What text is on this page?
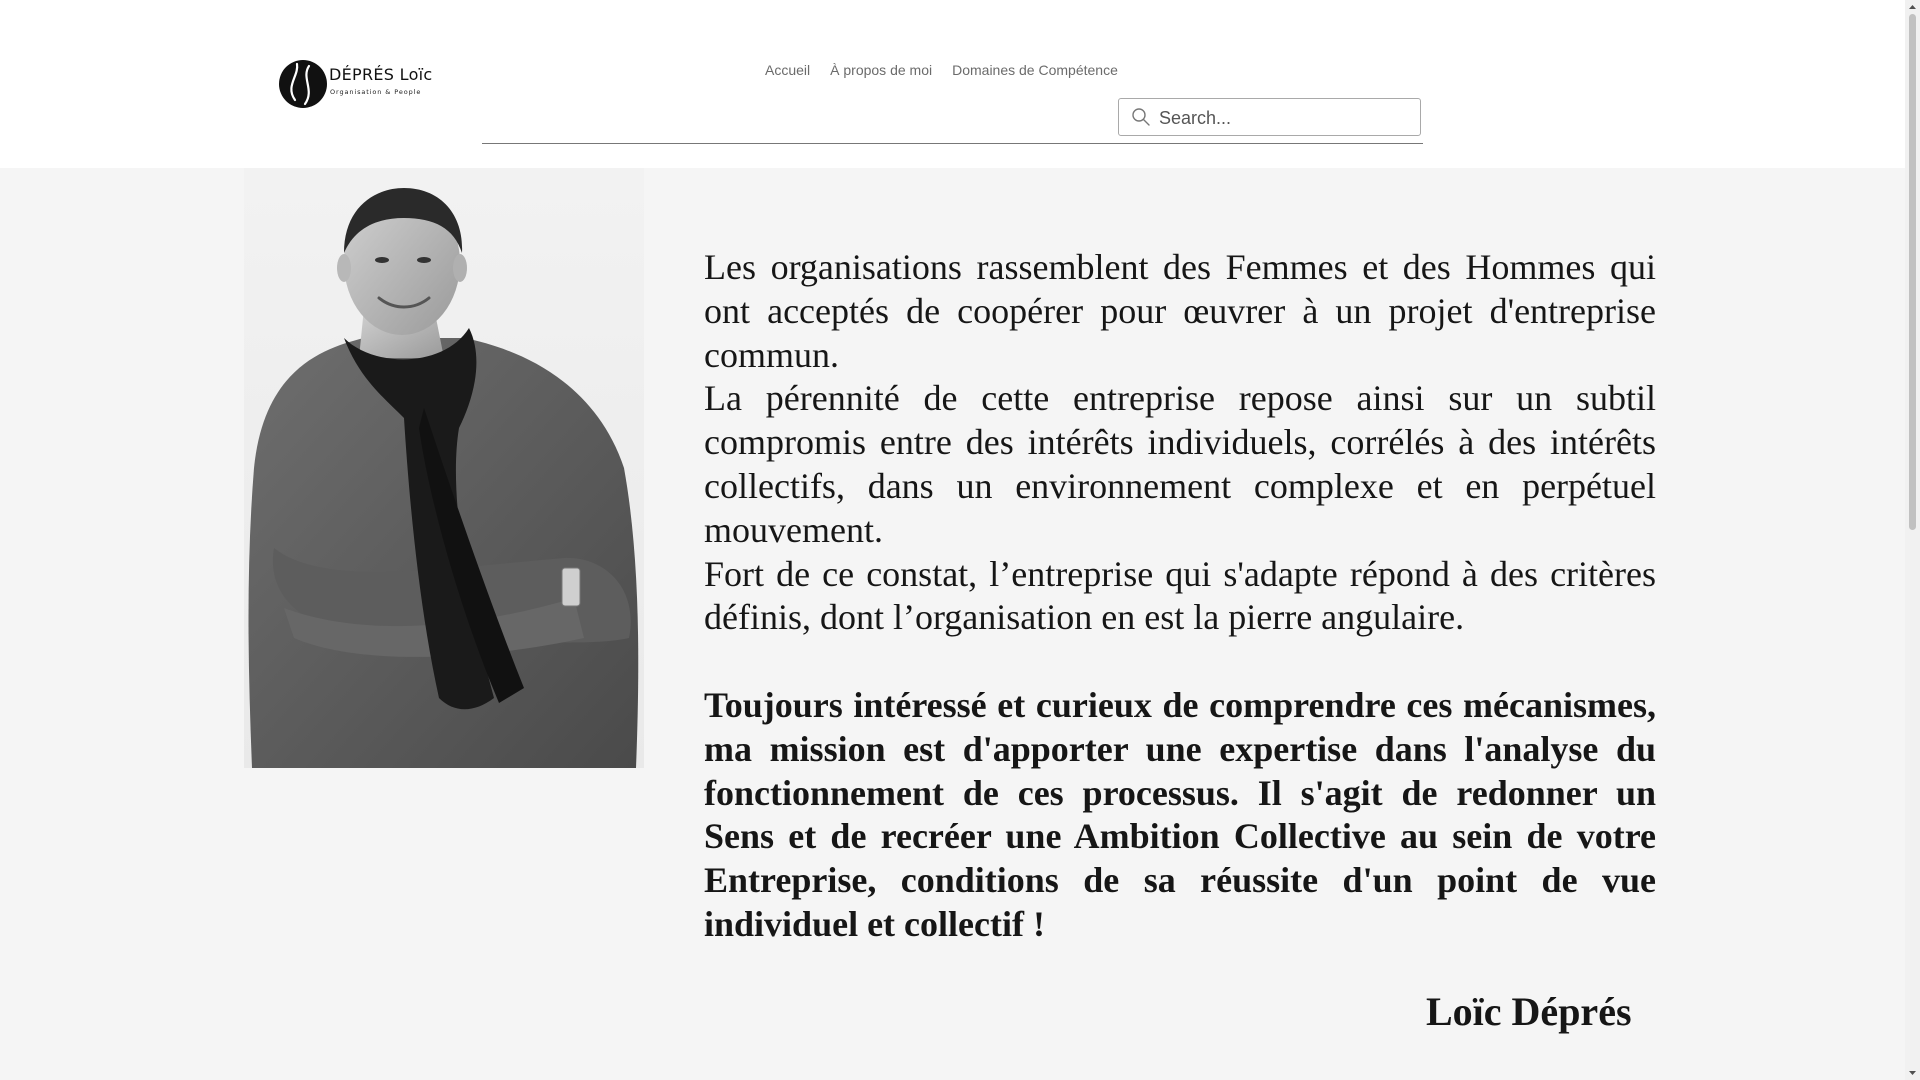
DÉPRÉS Loïc
Organisation & People
Accueil À propos de moi Domaines de Compétence
Search...

Les organisations rassemblent des Femmes et des Hommes qui ont acceptés de coopérer pour œuvrer à un projet d'entreprise commun.

La pérennité de cette entreprise repose ainsi sur un subtil compromis entre des intérêts individuels, corrélés à des intérêts collectifs, dans un environnement complexe et en perpétuel mouvement.

Fort de ce constat, l’entreprise qui s'adapte répond à des critères définis, dont l’organisation en est la pierre angulaire.

Toujours intéressé et curieux de comprendre ces mécanismes, ma mission est d'apporter une expertise dans l'analyse du fonctionnement de ces processus. Il s'agit de redonner un Sens et de recréer une Ambition Collective au sein de votre Entreprise, conditions de sa réussite d'un point de vue individuel et collectif !

Loïc Déprés
